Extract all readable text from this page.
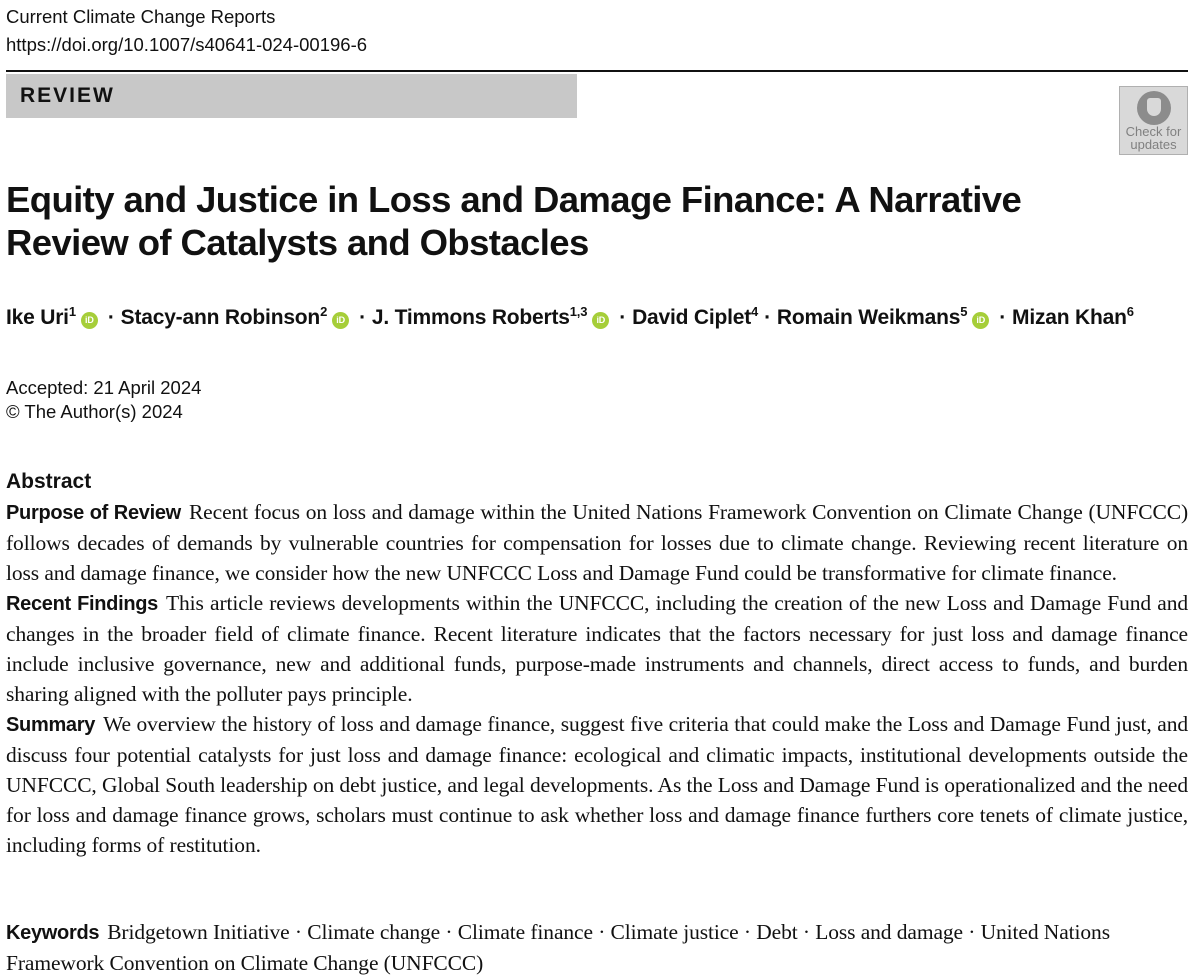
Current Climate Change Reports
https://doi.org/10.1007/s40641-024-00196-6
REVIEW
Check for
updates
Equity and Justice in Loss and Damage Finance: A Narrative Review of Catalysts and Obstacles
Ike Uri$^1$iD · Stacy-ann Robinson$^2$iD · J. Timmons Roberts$^{1,3}$iD · David Ciplet$^4$ · Romain Weikmans$^5$iD · Mizan Khan$^6$
Accepted: 21 April 2024
© The Author(s) 2024
Abstract

Purpose of Review Recent focus on loss and damage within the United Nations Framework Convention on Climate Change (UNFCCC) follows decades of demands by vulnerable countries for compensation for losses due to climate change. Reviewing recent literature on loss and damage finance, we consider how the new UNFCCC Loss and Damage Fund could be transformative for climate finance.

Recent Findings This article reviews developments within the UNFCCC, including the creation of the new Loss and Damage Fund and changes in the broader field of climate finance. Recent literature indicates that the factors necessary for just loss and damage finance include inclusive governance, new and additional funds, purpose-made instruments and channels, direct access to funds, and burden sharing aligned with the polluter pays principle.

Summary We overview the history of loss and damage finance, suggest five criteria that could make the Loss and Damage Fund just, and discuss four potential catalysts for just loss and damage finance: ecological and climatic impacts, institutional developments outside the UNFCCC, Global South leadership on debt justice, and legal developments. As the Loss and Damage Fund is operationalized and the need for loss and damage finance grows, scholars must continue to ask whether loss and damage finance furthers core tenets of climate justice, including forms of restitution.

Keywords Bridgetown Initiative · Climate change · Climate finance · Climate justice · Debt · Loss and damage · United Nations Framework Convention on Climate Change (UNFCCC)
